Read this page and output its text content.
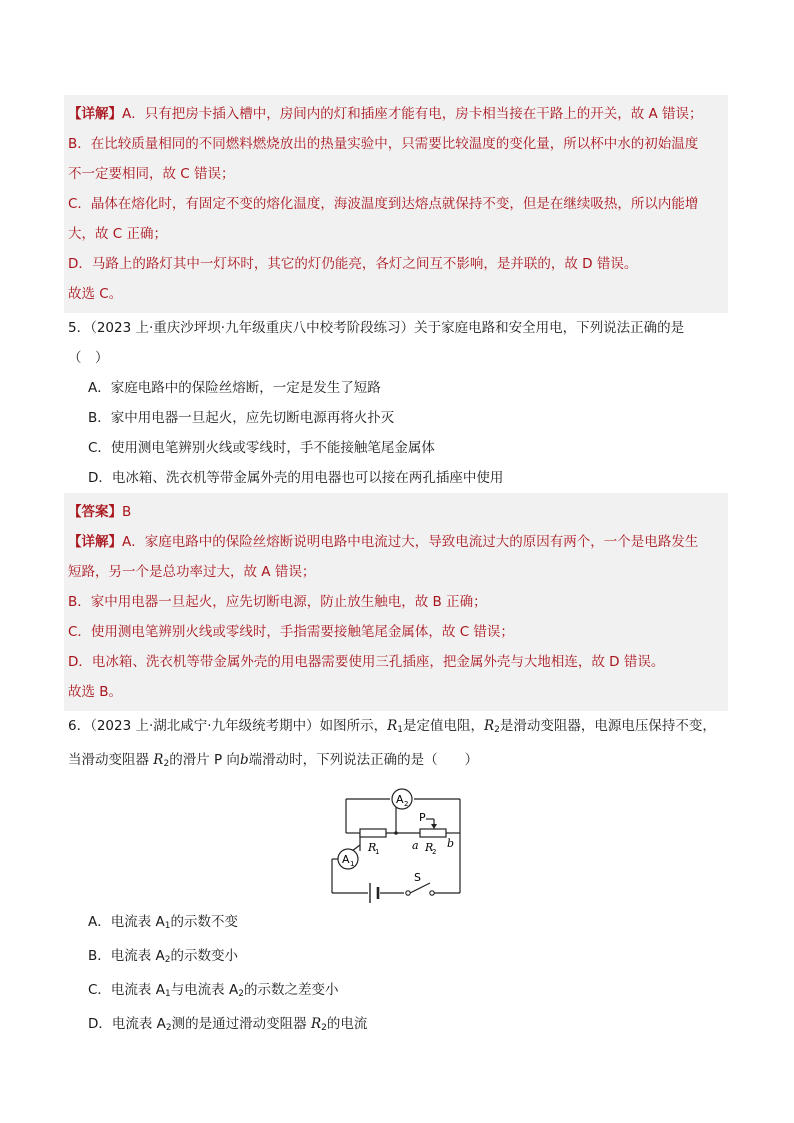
【详解】A．只有把房卡插入槽中，房间内的灯和插座才能有电，房卡相当接在干路上的开关，故 A 错误；
B．在比较质量相同的不同燃料燃烧放出的热量实验中，只需要比较温度的变化量，所以杯中水的初始温度
不一定要相同，故 C 错误；
C．晶体在熔化时，有固定不变的熔化温度，海波温度到达熔点就保持不变，但是在继续吸热，所以内能增
大，故 C 正确；
D．马路上的路灯其中一灯坏时，其它的灯仍能亮，各灯之间互不影响，是并联的，故 D 错误。
故选 C。
5．（2023 上·重庆沙坪坝·九年级重庆八中校考阶段练习）关于家庭电路和安全用电，下列说法正确的是
（　）
A．家庭电路中的保险丝熔断，一定是发生了短路
B．家中用电器一旦起火，应先切断电源再将火扑灭
C．使用测电笔辨别火线或零线时，手不能接触笔尾金属体
D．电冰箱、洗衣机等带金属外壳的用电器也可以接在两孔插座中使用
【答案】B
【详解】A．家庭电路中的保险丝熔断说明电路中电流过大，导致电流过大的原因有两个，一个是电路发生
短路，另一个是总功率过大，故 A 错误；
B．家中用电器一旦起火，应先切断电源，防止放生触电，故 B 正确；
C．使用测电笔辨别火线或零线时，手指需要接触笔尾金属体，故 C 错误；
D．电冰箱、洗衣机等带金属外壳的用电器需要使用三孔插座，把金属外壳与大地相连，故 D 错误。
故选 B。
6．（2023 上·湖北咸宁·九年级统考期中）如图所示，$R_1$是定值电阻，$R_2$是滑动变阻器，电源电压保持不变，
当滑动变阻器 $R_2$的滑片 P 向b端滑动时，下列说法正确的是（　　）
A 2
R
1
P
a R
2
b
A 1
S
A．电流表 $A_1$的示数不变
B．电流表 $A_2$的示数变小
C．电流表 $A_1$与电流表 $A_2$的示数之差变小
D．电流表 $A_2$测的是通过滑动变阻器 $R_2$的电流
